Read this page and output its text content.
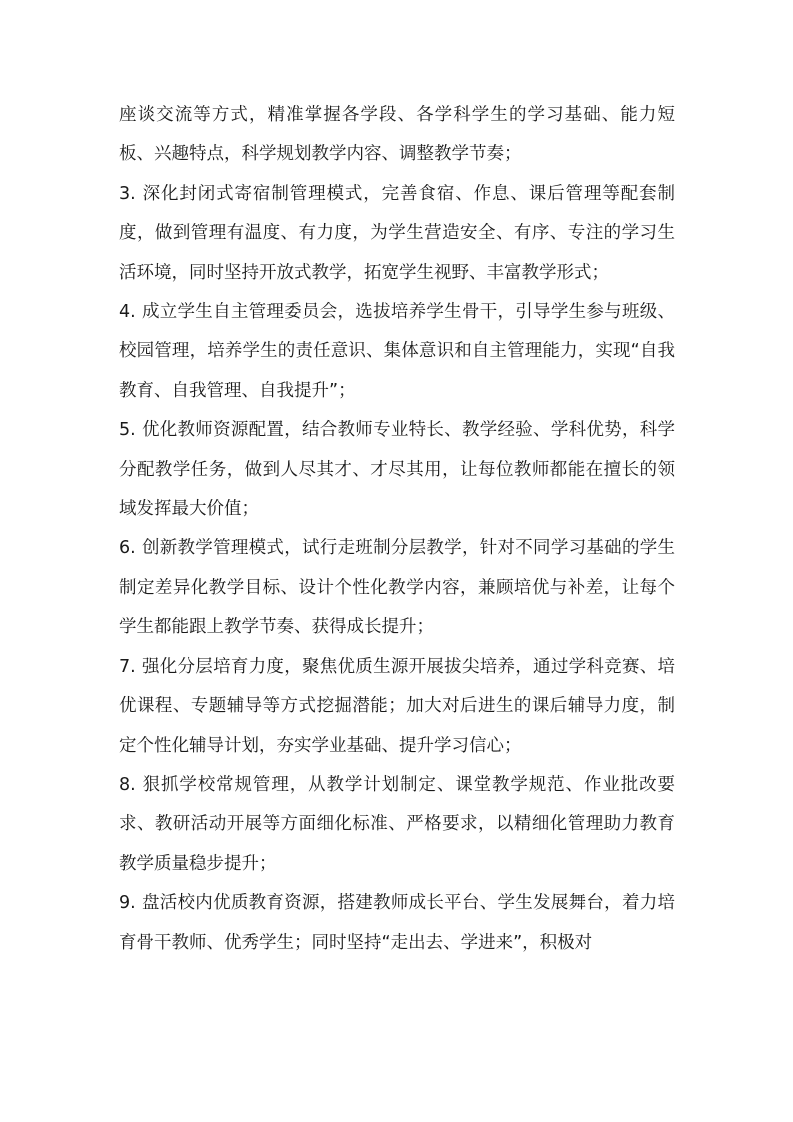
座谈交流等方式，精准掌握各学段、各学科学生的学习基础、能力短板、兴趣特点，科学规划教学内容、调整教学节奏；

3. 深化封闭式寄宿制管理模式，完善食宿、作息、课后管理等配套制度，做到管理有温度、有力度，为学生营造安全、有序、专注的学习生活环境，同时坚持开放式教学，拓宽学生视野、丰富教学形式；

4. 成立学生自主管理委员会，选拔培养学生骨干，引导学生参与班级、校园管理，培养学生的责任意识、集体意识和自主管理能力，实现“自我教育、自我管理、自我提升”；

5. 优化教师资源配置，结合教师专业特长、教学经验、学科优势，科学分配教学任务，做到人尽其才、才尽其用，让每位教师都能在擅长的领域发挥最大价值；

6. 创新教学管理模式，试行走班制分层教学，针对不同学习基础的学生制定差异化教学目标、设计个性化教学内容，兼顾培优与补差，让每个学生都能跟上教学节奏、获得成长提升；

7. 强化分层培育力度，聚焦优质生源开展拔尖培养，通过学科竞赛、培优课程、专题辅导等方式挖掘潜能；加大对后进生的课后辅导力度，制定个性化辅导计划，夯实学业基础、提升学习信心；

8. 狠抓学校常规管理，从教学计划制定、课堂教学规范、作业批改要求、教研活动开展等方面细化标准、严格要求，以精细化管理助力教育教学质量稳步提升；

9. 盘活校内优质教育资源，搭建教师成长平台、学生发展舞台，着力培育骨干教师、优秀学生；同时坚持“走出去、学进来”，积极对
